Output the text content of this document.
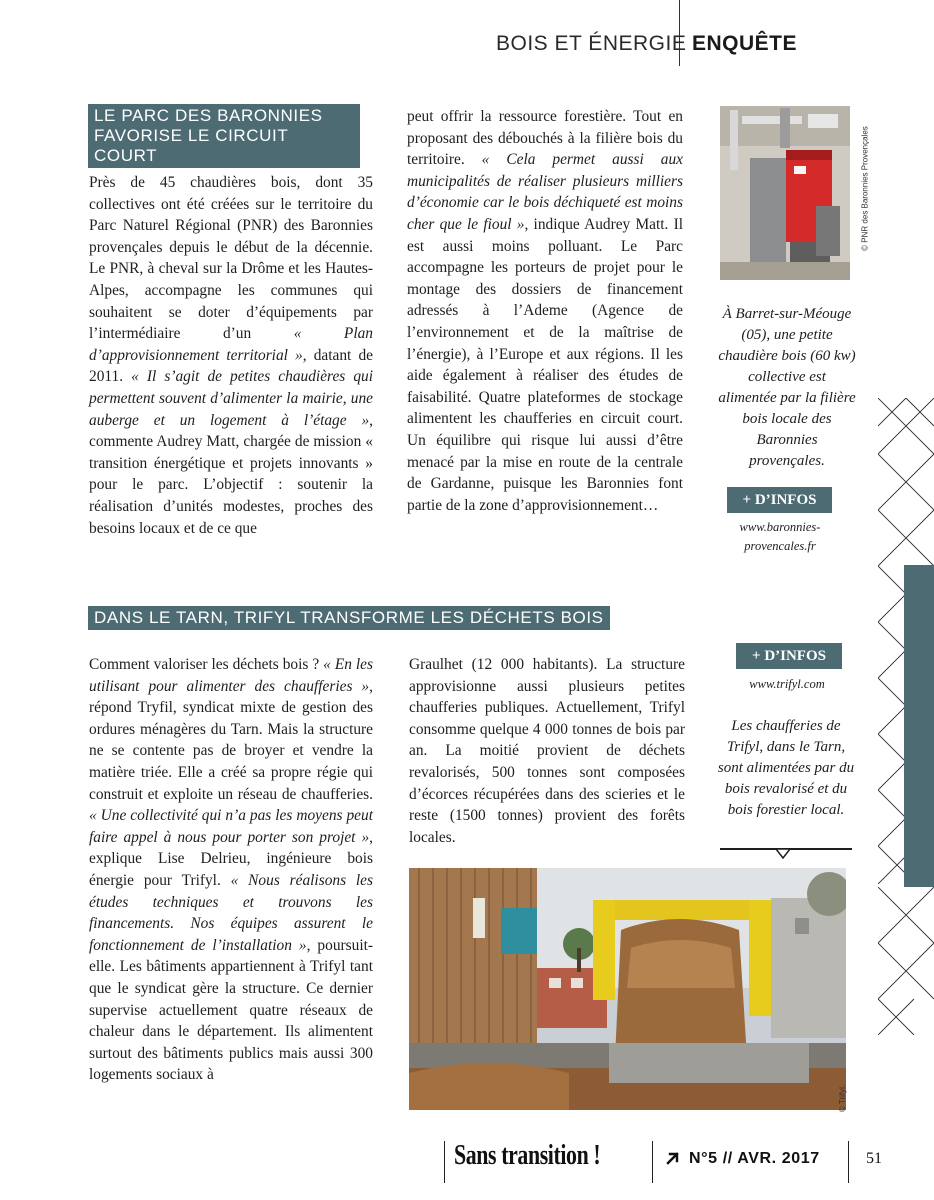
BOIS ET ÉNERGIE ENQUÊTE
LE PARC DES BARONNIES
FAVORISE LE CIRCUIT COURT

Près de 45 chaudières bois, dont 35 collectives ont été créées sur le territoire du Parc Naturel Régional (PNR) des Baronnies provençales depuis le début de la décennie. Le PNR, à cheval sur la Drôme et les Hautes-Alpes, accompagne les communes qui souhaitent se doter d’équipements par l’intermédiaire d’un « Plan d’approvisionnement territorial », datant de 2011. « Il s’agit de petites chaudières qui permettent souvent d’alimenter la mairie, une auberge et un logement à l’étage », commente Audrey Matt, chargée de mission « transition énergétique et projets innovants » pour le parc. L’objectif : soutenir la réalisation d’unités modestes, proches des besoins locaux et de ce que

peut offrir la ressource forestière. Tout en proposant des débouchés à la filière bois du territoire. « Cela permet aussi aux municipalités de réaliser plusieurs milliers d’économie car le bois déchiqueté est moins cher que le fioul », indique Audrey Matt. Il est aussi moins polluant. Le Parc accompagne les porteurs de projet pour le montage des dossiers de financement adressés à l’Ademe (Agence de l’environnement et de la maîtrise de l’énergie), à l’Europe et aux régions. Il les aide également à réaliser des études de faisabilité. Quatre plateformes de stockage alimentent les chaufferies en circuit court. Un équilibre qui risque lui aussi d’être menacé par la mise en route de la centrale de Gardanne, puisque les Baronnies font partie de la zone d’approvisionnement…

© PNR des Baronnies Provençales
À Barret-sur-Méouge (05), une petite chaudière bois (60 kw) collective est alimentée par la filière bois locale des Baronnies provençales.
+ D’INFOS
www.baronnies-provencales.fr
DANS LE TARN, TRIFYL TRANSFORME LES DÉCHETS BOIS

Comment valoriser les déchets bois ? « En les utilisant pour alimenter des chaufferies », répond Tryfil, syndicat mixte de gestion des ordures ménagères du Tarn. Mais la structure ne se contente pas de broyer et vendre la matière triée. Elle a créé sa propre régie qui construit et exploite un réseau de chaufferies. « Une collectivité qui n’a pas les moyens peut faire appel à nous pour porter son projet », explique Lise Delrieu, ingénieure bois énergie pour Trifyl. « Nous réalisons les études techniques et trouvons les financements. Nos équipes assurent le fonctionnement de l’installation », poursuit-elle. Les bâtiments appartiennent à Trifyl tant que le syndicat gère la structure. Ce dernier supervise actuellement quatre réseaux de chaleur dans le département. Ils alimentent surtout des bâtiments publics mais aussi 300 logements sociaux à

Graulhet (12 000 habitants). La structure approvisionne aussi plusieurs petites chaufferies publiques. Actuellement, Trifyl consomme quelque 4 000 tonnes de bois par an. La moitié provient de déchets revalorisés, 500 tonnes sont composées d’écorces récupérées dans des scieries et le reste (1500 tonnes) provient des forêts locales.

+ D’INFOS
www.trifyl.com
Les chaufferies de Trifyl, dans le Tarn, sont alimentées par du bois revalorisé et du bois forestier local.
© Trifyl.
Sans transition !	N°5 // AVR. 2017	51
